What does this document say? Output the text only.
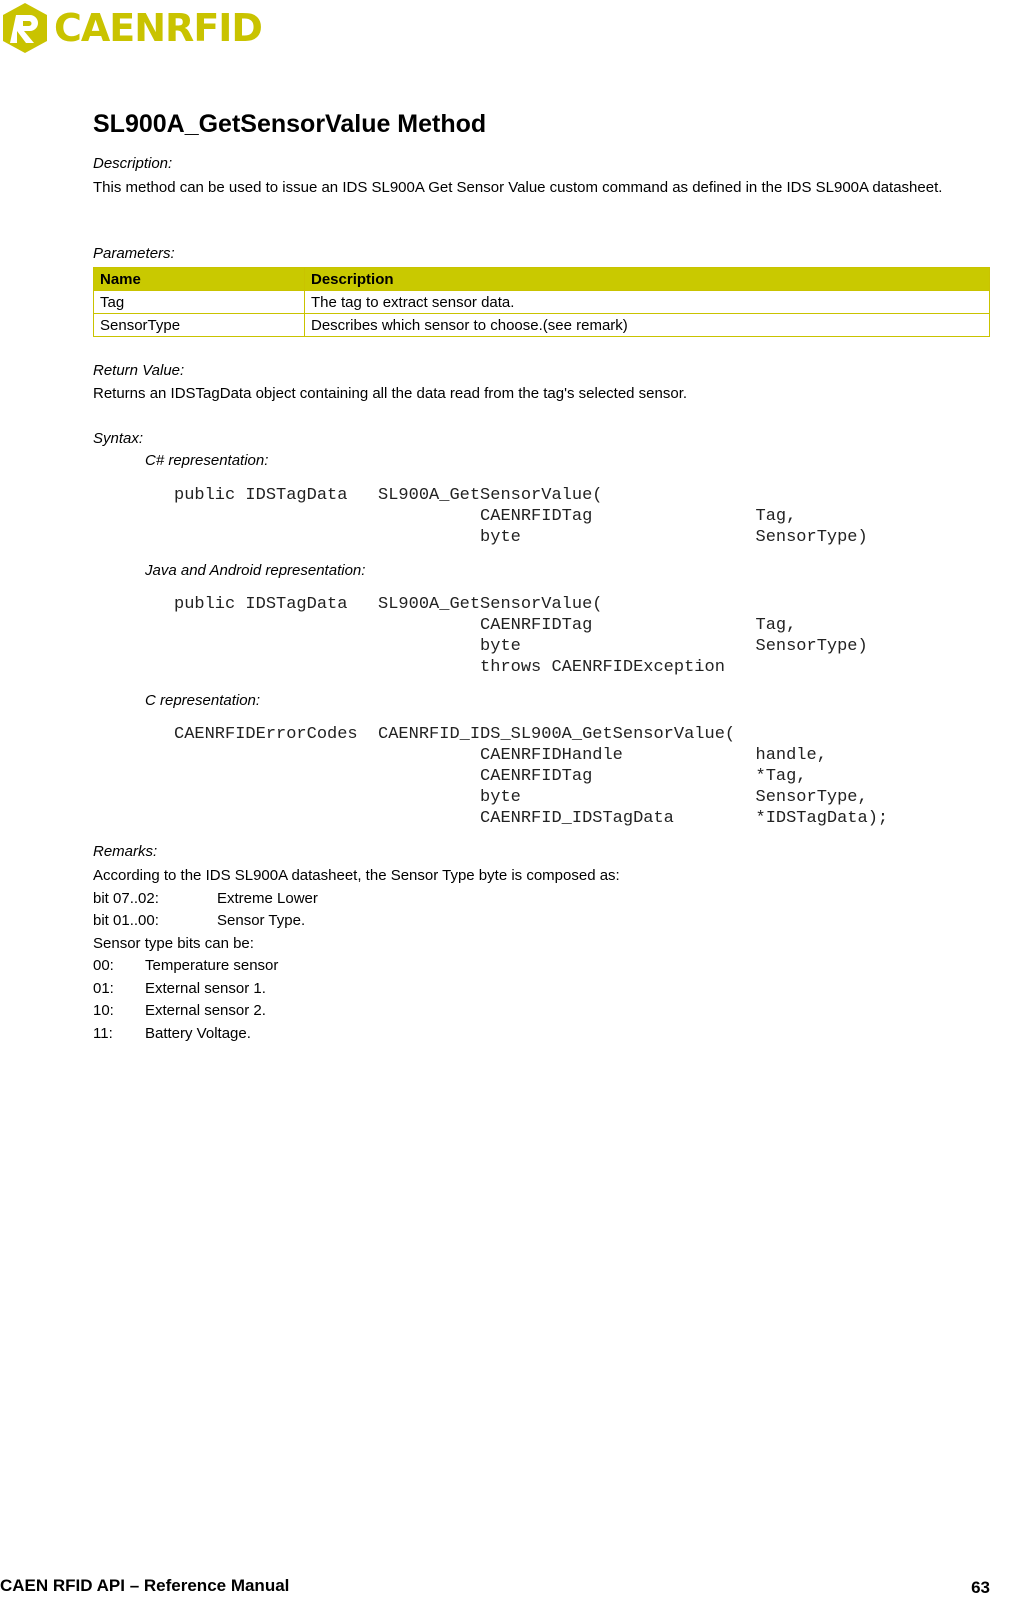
CAENRFID
SL900A_GetSensorValue Method
Description:
This method can be used to issue an IDS SL900A Get Sensor Value custom command as defined in the IDS SL900A datasheet.
Parameters:
Name	Description
Tag	The tag to extract sensor data.
SensorType	Describes which sensor to choose.(see remark)
Return Value:
Returns an IDSTagData object containing all the data read from the tag's selected sensor.
Syntax:
C# representation:
public IDSTagData   SL900A_GetSensorValue(
CAENRFIDTag                Tag,
byte                       SensorType)
Java and Android representation:
public IDSTagData   SL900A_GetSensorValue(
CAENRFIDTag                Tag,
byte                       SensorType)
throws CAENRFIDException
C representation:
CAENRFIDErrorCodes  CAENRFID_IDS_SL900A_GetSensorValue(
CAENRFIDHandle             handle,
CAENRFIDTag                *Tag,
byte                       SensorType,
CAENRFID_IDSTagData        *IDSTagData);
Remarks:
According to the IDS SL900A datasheet, the Sensor Type byte is composed as:
bit 07..02:	Extreme Lower
bit 01..00:	Sensor Type.
Sensor type bits can be:
00: Temperature sensor
01: External sensor 1.
10: External sensor 2.
11: Battery Voltage.
CAEN RFID API – Reference Manual	63
